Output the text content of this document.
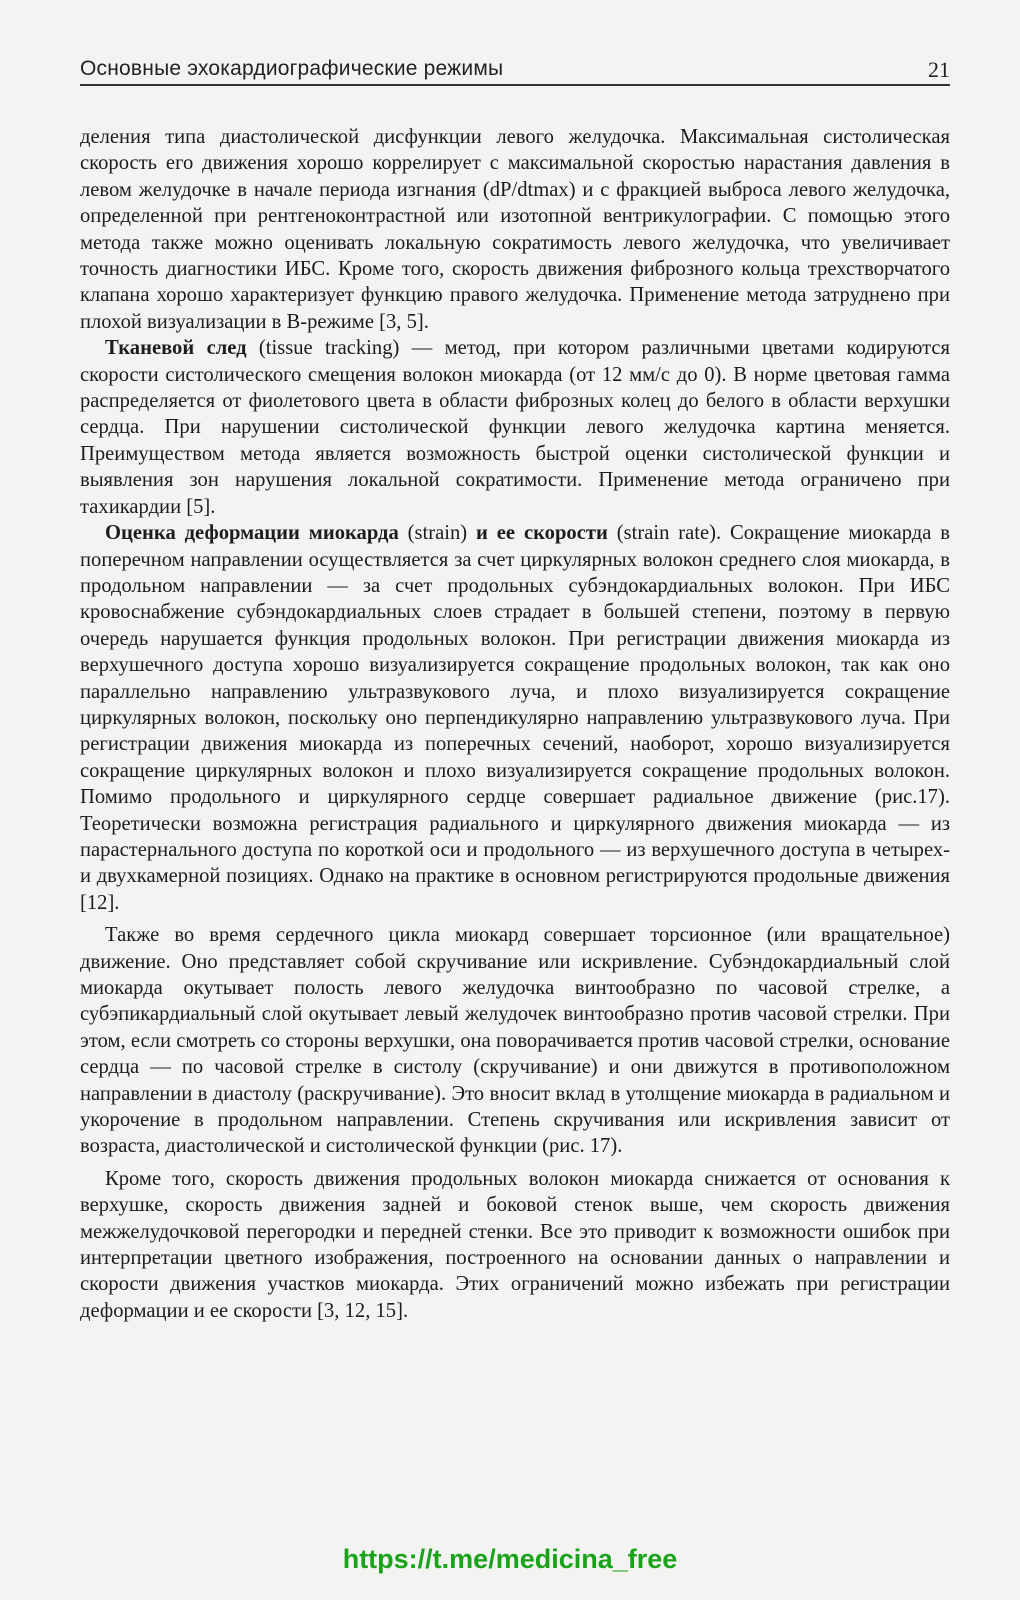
Основные эхокардиографические режимы	21

деления типа диастолической дисфункции левого желудочка. Максимальная систолическая скорость его движения хорошо коррелирует с максимальной скоростью нарастания давления в левом желудочке в начале периода изгнания (dP/dtmax) и с фракцией выброса левого желудочка, определенной при рентгеноконтрастной или изотопной вентрикулографии. С помощью этого метода также можно оценивать локальную сократимость левого желудочка, что увеличивает точность диагностики ИБС. Кроме того, скорость движения фиброзного кольца трехстворчатого клапана хорошо характеризует функцию правого желудочка. Применение метода затруднено при плохой визуализации в В-режиме [3, 5].

Тканевой след (tissue tracking) — метод, при котором различными цветами кодируются скорости систолического смещения волокон миокарда (от 12 мм/с до 0). В норме цветовая гамма распределяется от фиолетового цвета в области фиброзных колец до белого в области верхушки сердца. При нарушении систолической функции левого желудочка картина меняется. Преимуществом метода является возможность быстрой оценки систолической функции и выявления зон нарушения локальной сократимости. Применение метода ограничено при тахикардии [5].

Оценка деформации миокарда (strain) и ее скорости (strain rate). Сокращение миокарда в поперечном направлении осуществляется за счет циркулярных волокон среднего слоя миокарда, в продольном направлении — за счет продольных субэндокардиальных волокон. При ИБС кровоснабжение субэндокардиальных слоев страдает в большей степени, поэтому в первую очередь нарушается функция продольных волокон. При регистрации движения миокарда из верхушечного доступа хорошо визуализируется сокращение продольных волокон, так как оно параллельно направлению ультразвукового луча, и плохо визуализируется сокращение циркулярных волокон, поскольку оно перпендикулярно направлению ультразвукового луча. При регистрации движения миокарда из поперечных сечений, наоборот, хорошо визуализируется сокращение циркулярных волокон и плохо визуализируется сокращение продольных волокон. Помимо продольного и циркулярного сердце совершает радиальное движение (рис.17). Теоретически возможна регистрация радиального и циркулярного движения миокарда — из парастернального доступа по короткой оси и продольного — из верхушечного доступа в четырех- и двухкамерной позициях. Однако на практике в основном регистрируются продольные движения [12].

Также во время сердечного цикла миокард совершает торсионное (или вращательное) движение. Оно представляет собой скручивание или искривление. Субэндокардиальный слой миокарда окутывает полость левого желудочка винтообразно по часовой стрелке, а субэпикардиальный слой окутывает левый желудочек винтообразно против часовой стрелки. При этом, если смотреть со стороны верхушки, она поворачивается против часовой стрелки, основание сердца — по часовой стрелке в систолу (скручивание) и они движутся в противоположном направлении в диастолу (раскручивание). Это вносит вклад в утолщение миокарда в радиальном и укорочение в продольном направлении. Степень скручивания или искривления зависит от возраста, диастолической и систолической функции (рис. 17).

Кроме того, скорость движения продольных волокон миокарда снижается от основания к верхушке, скорость движения задней и боковой стенок выше, чем скорость движения межжелудочковой перегородки и передней стенки. Все это приводит к возможности ошибок при интерпретации цветного изображения, построенного на основании данных о направлении и скорости движения участков миокарда. Этих ограничений можно избежать при регистрации деформации и ее скорости [3, 12, 15].

https://t.me/medicina_free
